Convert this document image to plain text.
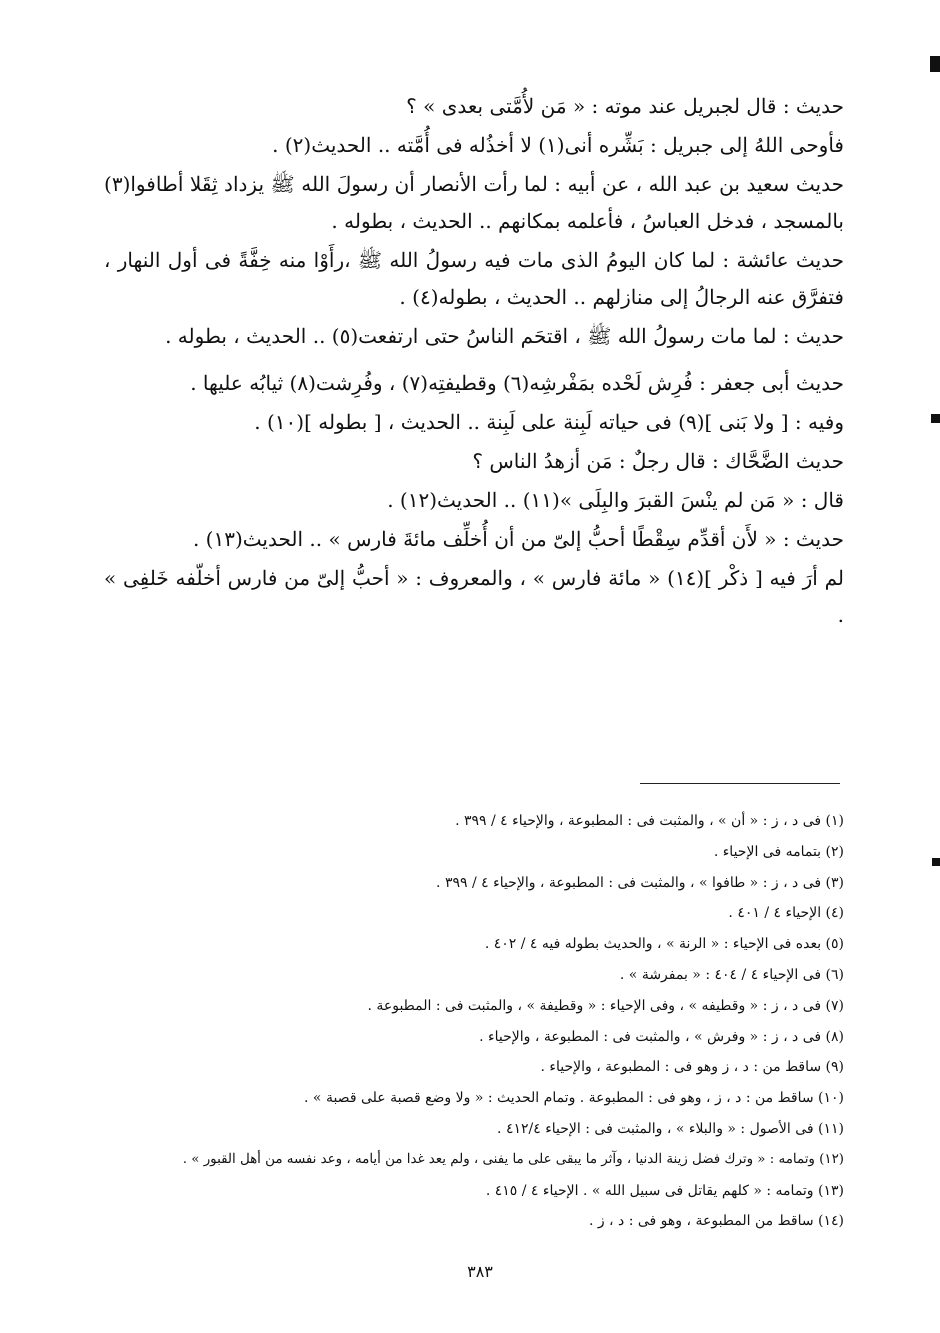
حديث : قال لجبريل عند موته : « مَن لأُمَّتى بعدى » ؟

فأوحى اللهُ إلى جبريل : بَشِّره أنى(١) لا أخذُله فى أُمَّته .. الحديث(٢) .

حديث سعيد بن عبد الله ، عن أبيه : لما رأت الأنصار أن رسولَ الله ﷺ يزداد ثِقَلا أطافوا(٣) بالمسجد ، فدخل العباسُ ، فأعلمه بمكانهم .. الحديث ، بطوله .

حديث عائشة : لما كان اليومُ الذى مات فيه رسولُ الله ﷺ ،رأَوْا منه خِفَّةً فى أول النهار ، فتفرَّق عنه الرجالُ إلى منازلهم .. الحديث ، بطوله(٤) .

حديث : لما مات رسولُ الله ﷺ ، اقتحَم الناسُ حتى ارتفعت(٥) .. الحديث ، بطوله .

حديث أبى جعفر : فُرِش لَحْده بمَفْرشِه(٦) وقطيفتِه(٧) ، وفُرِشت(٨) ثيابُه عليها .

وفيه : [ ولا بَنى ](٩) فى حياته لَبِنة على لَبِنة .. الحديث ، [ بطوله ](١٠) .

حديث الضَّحَّاك : قال رجلٌ : مَن أزهدُ الناس ؟

قال : « مَن لم ينْسَ القبرَ والبِلَى »(١١) .. الحديث(١٢) .

حديث : « لأَن أقدِّم سِقْطًا أحبُّ إلىّ من أن أُخلِّف مائةَ فارس » .. الحديث(١٣) .

لم أرَ فيه [ ذكْر ](١٤) « مائة فارس » ، والمعروف : « أحبُّ إلىّ من فارس أخلّفه خَلفِى » .

(١) فى د ، ز : « أن » ، والمثبت فى : المطبوعة ، والإحياء ٤ / ٣٩٩ .
(٢) بتمامه فى الإحياء .
(٣) فى د ، ز : « طافوا » ، والمثبت فى : المطبوعة ، والإحياء ٤ / ٣٩٩ .
(٤) الإحياء ٤ / ٤٠١ .
(٥) بعده فى الإحياء : « الرنة » ، والحديث بطوله فيه ٤ / ٤٠٢ .
(٦) فى الإحياء ٤ / ٤٠٤ : « بمفرشة » .
(٧) فى د ، ز : « وقطيفه » ، وفى الإحياء : « وقطيفة » ، والمثبت فى : المطبوعة .
(٨) فى د ، ز : « وفرش » ، والمثبت فى : المطبوعة ، والإحياء .
(٩) ساقط من : د ، ز وهو فى : المطبوعة ، والإحياء .
(١٠) ساقط من : د ، ز ، وهو فى : المطبوعة . وتمام الحديث : « ولا وضع قصبة على قصبة » .
(١١) فى الأصول : « والبلاء » ، والمثبت فى : الإحياء ٤١٢/٤ .
(١٢) وتمامه : « وترك فضل زينة الدنيا ، وآثر ما يبقى على ما يفنى ، ولم يعد غدا من أيامه ، وعد نفسه من أهل القبور » .
(١٣) وتمامه : « كلهم يقاتل فى سبيل الله » . الإحياء ٤ / ٤١٥ .
(١٤) ساقط من المطبوعة ، وهو فى : د ، ز .
٣٨٣
